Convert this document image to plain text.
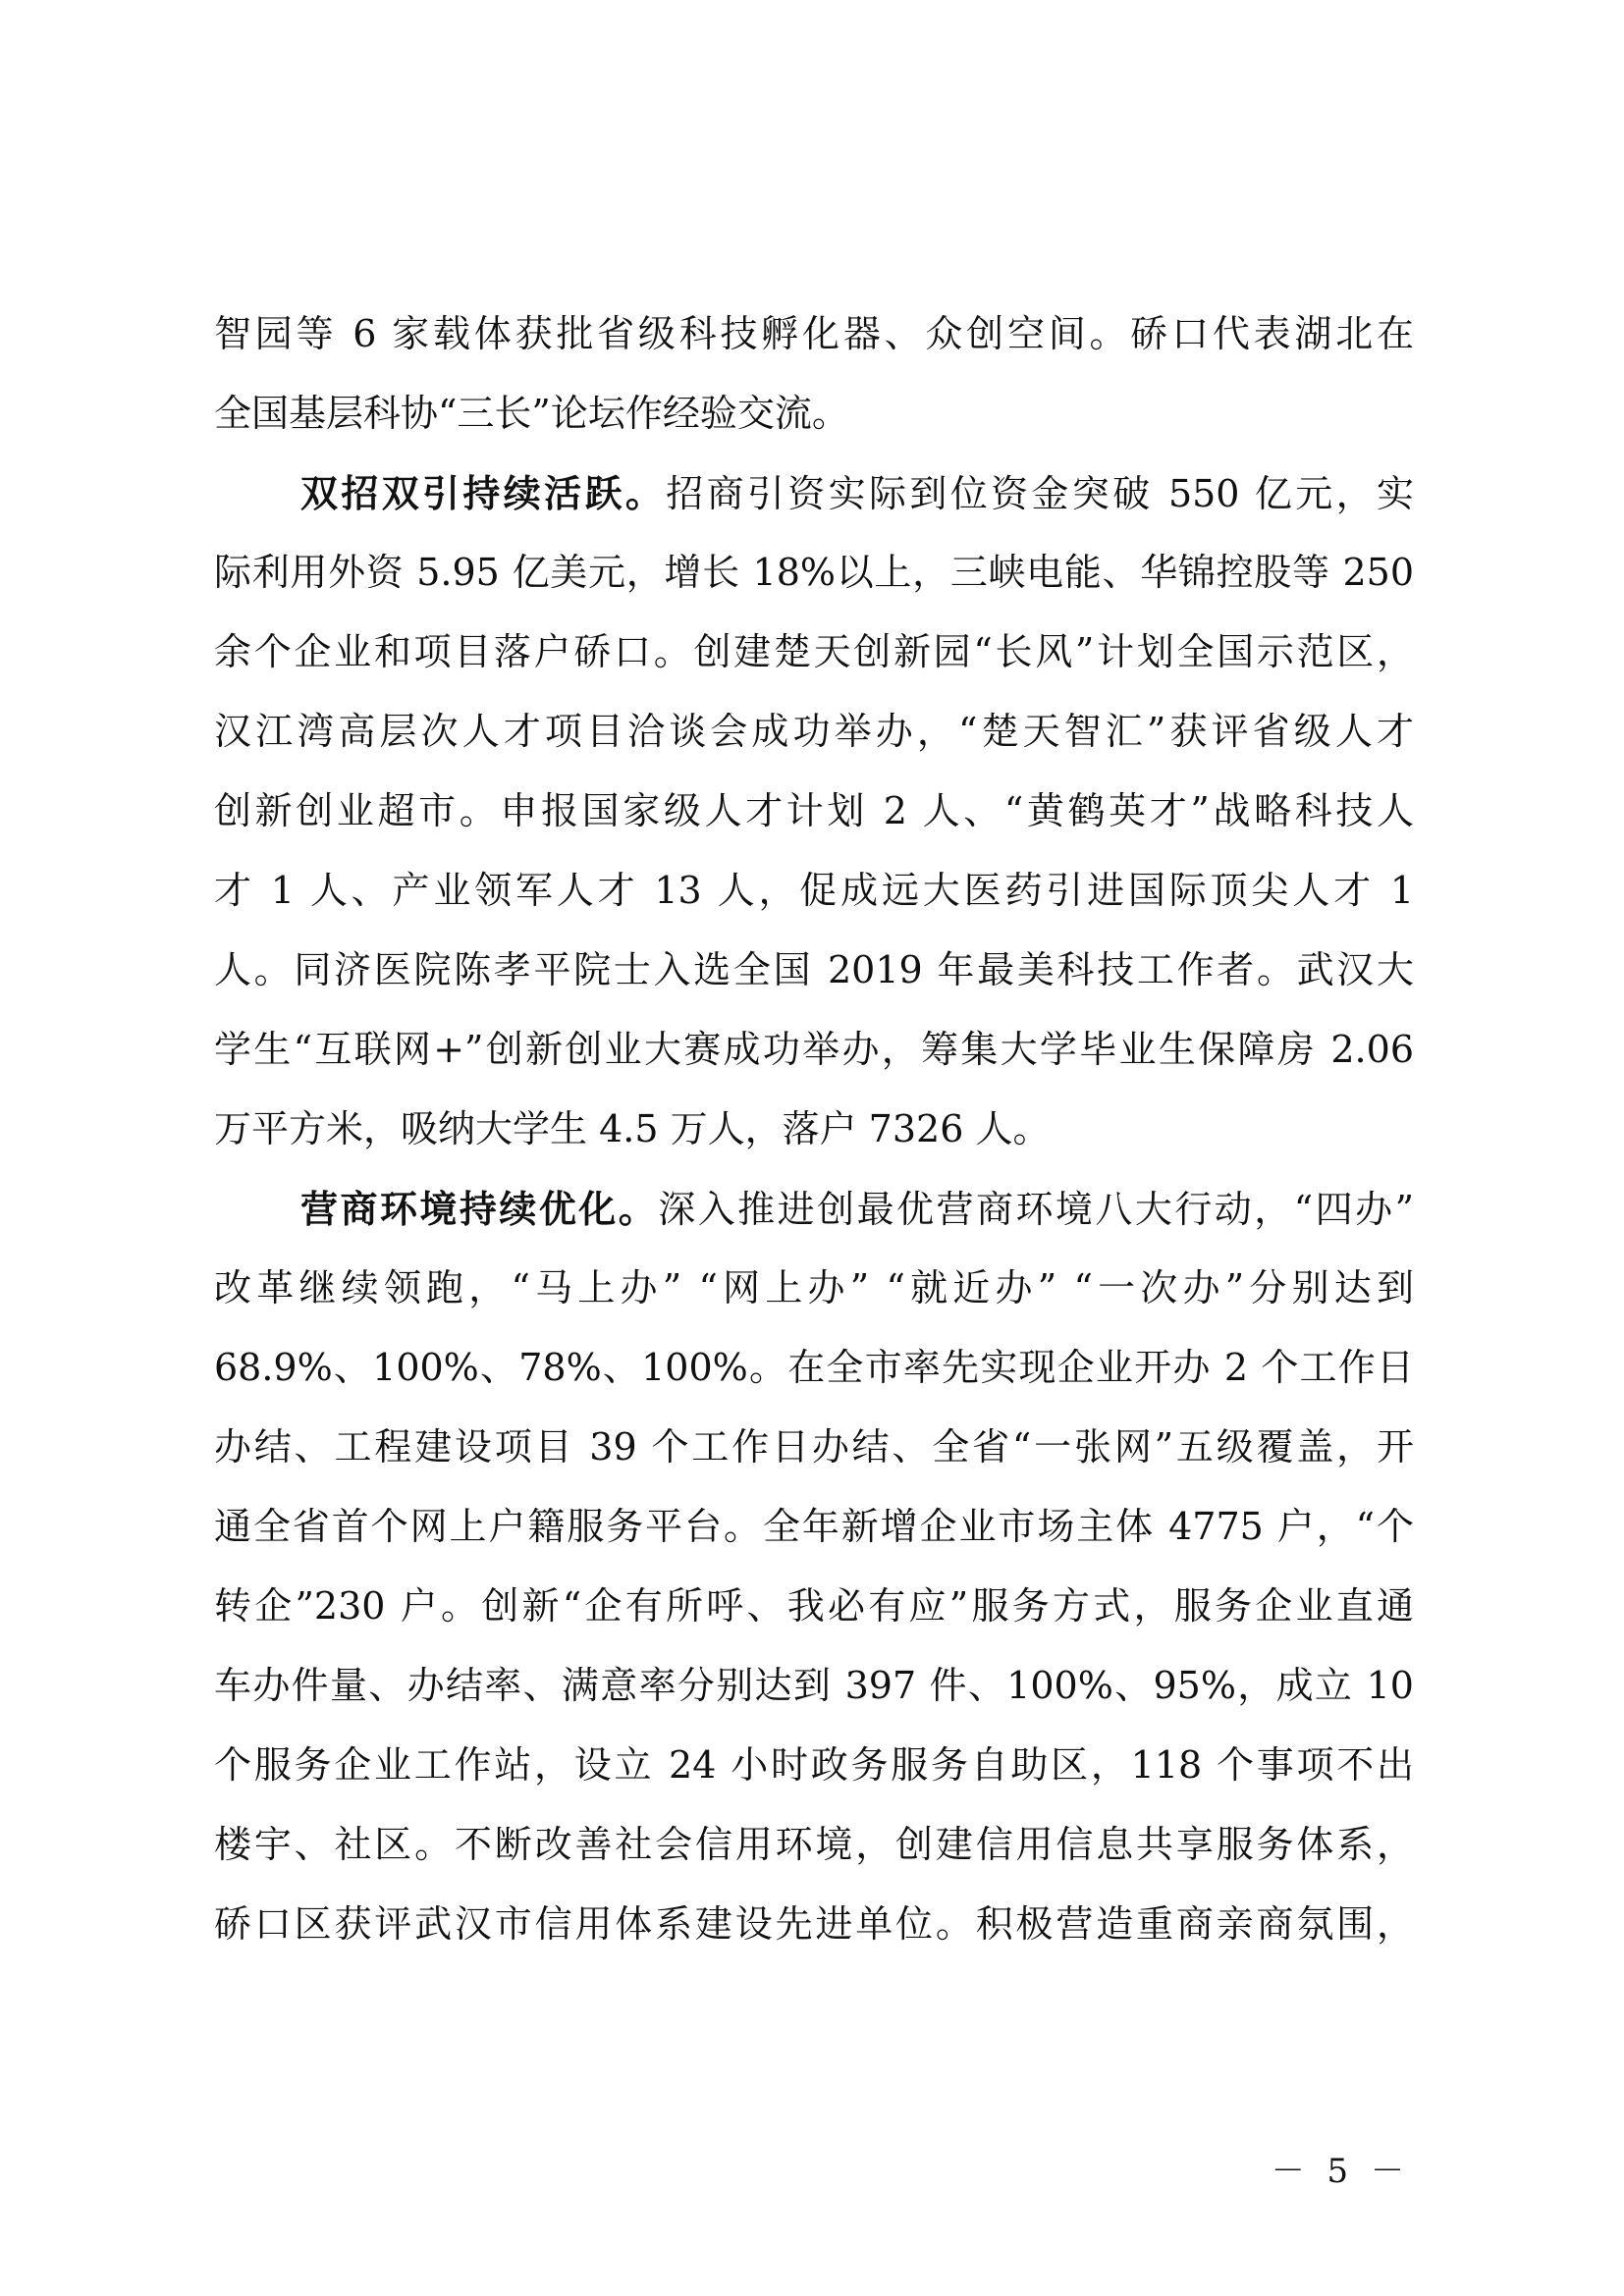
智园等 6 家载体获批省级科技孵化器、众创空间。硚口代表湖北在
全国基层科协“三长”论坛作经验交流。
双招双引持续活跃。招商引资实际到位资金突破 550 亿元，实
际利用外资 5.95 亿美元，增长 18%以上，三峡电能、华锦控股等 250
余个企业和项目落户硚口。创建楚天创新园“长风”计划全国示范区，
汉江湾高层次人才项目洽谈会成功举办，“楚天智汇”获评省级人才
创新创业超市。申报国家级人才计划 2 人、“黄鹤英才”战略科技人
才 1 人、产业领军人才 13 人，促成远大医药引进国际顶尖人才 1
人。同济医院陈孝平院士入选全国 2019 年最美科技工作者。武汉大
学生“互联网+”创新创业大赛成功举办，筹集大学毕业生保障房 2.06
万平方米，吸纳大学生 4.5 万人，落户 7326 人。
营商环境持续优化。深入推进创最优营商环境八大行动，“四办”
改革继续领跑，“马上办” “网上办” “就近办” “一次办”分别达到
68.9%、100%、78%、100%。在全市率先实现企业开办 2 个工作日
办结、工程建设项目 39 个工作日办结、全省“一张网”五级覆盖，开
通全省首个网上户籍服务平台。全年新增企业市场主体 4775 户，“个
转企”230 户。创新“企有所呼、我必有应”服务方式，服务企业直通
车办件量、办结率、满意率分别达到 397 件、100%、95%，成立 10
个服务企业工作站，设立 24 小时政务服务自助区，118 个事项不出
楼宇、社区。不断改善社会信用环境，创建信用信息共享服务体系，
硚口区获评武汉市信用体系建设先进单位。积极营造重商亲商氛围，
－ 5 －
